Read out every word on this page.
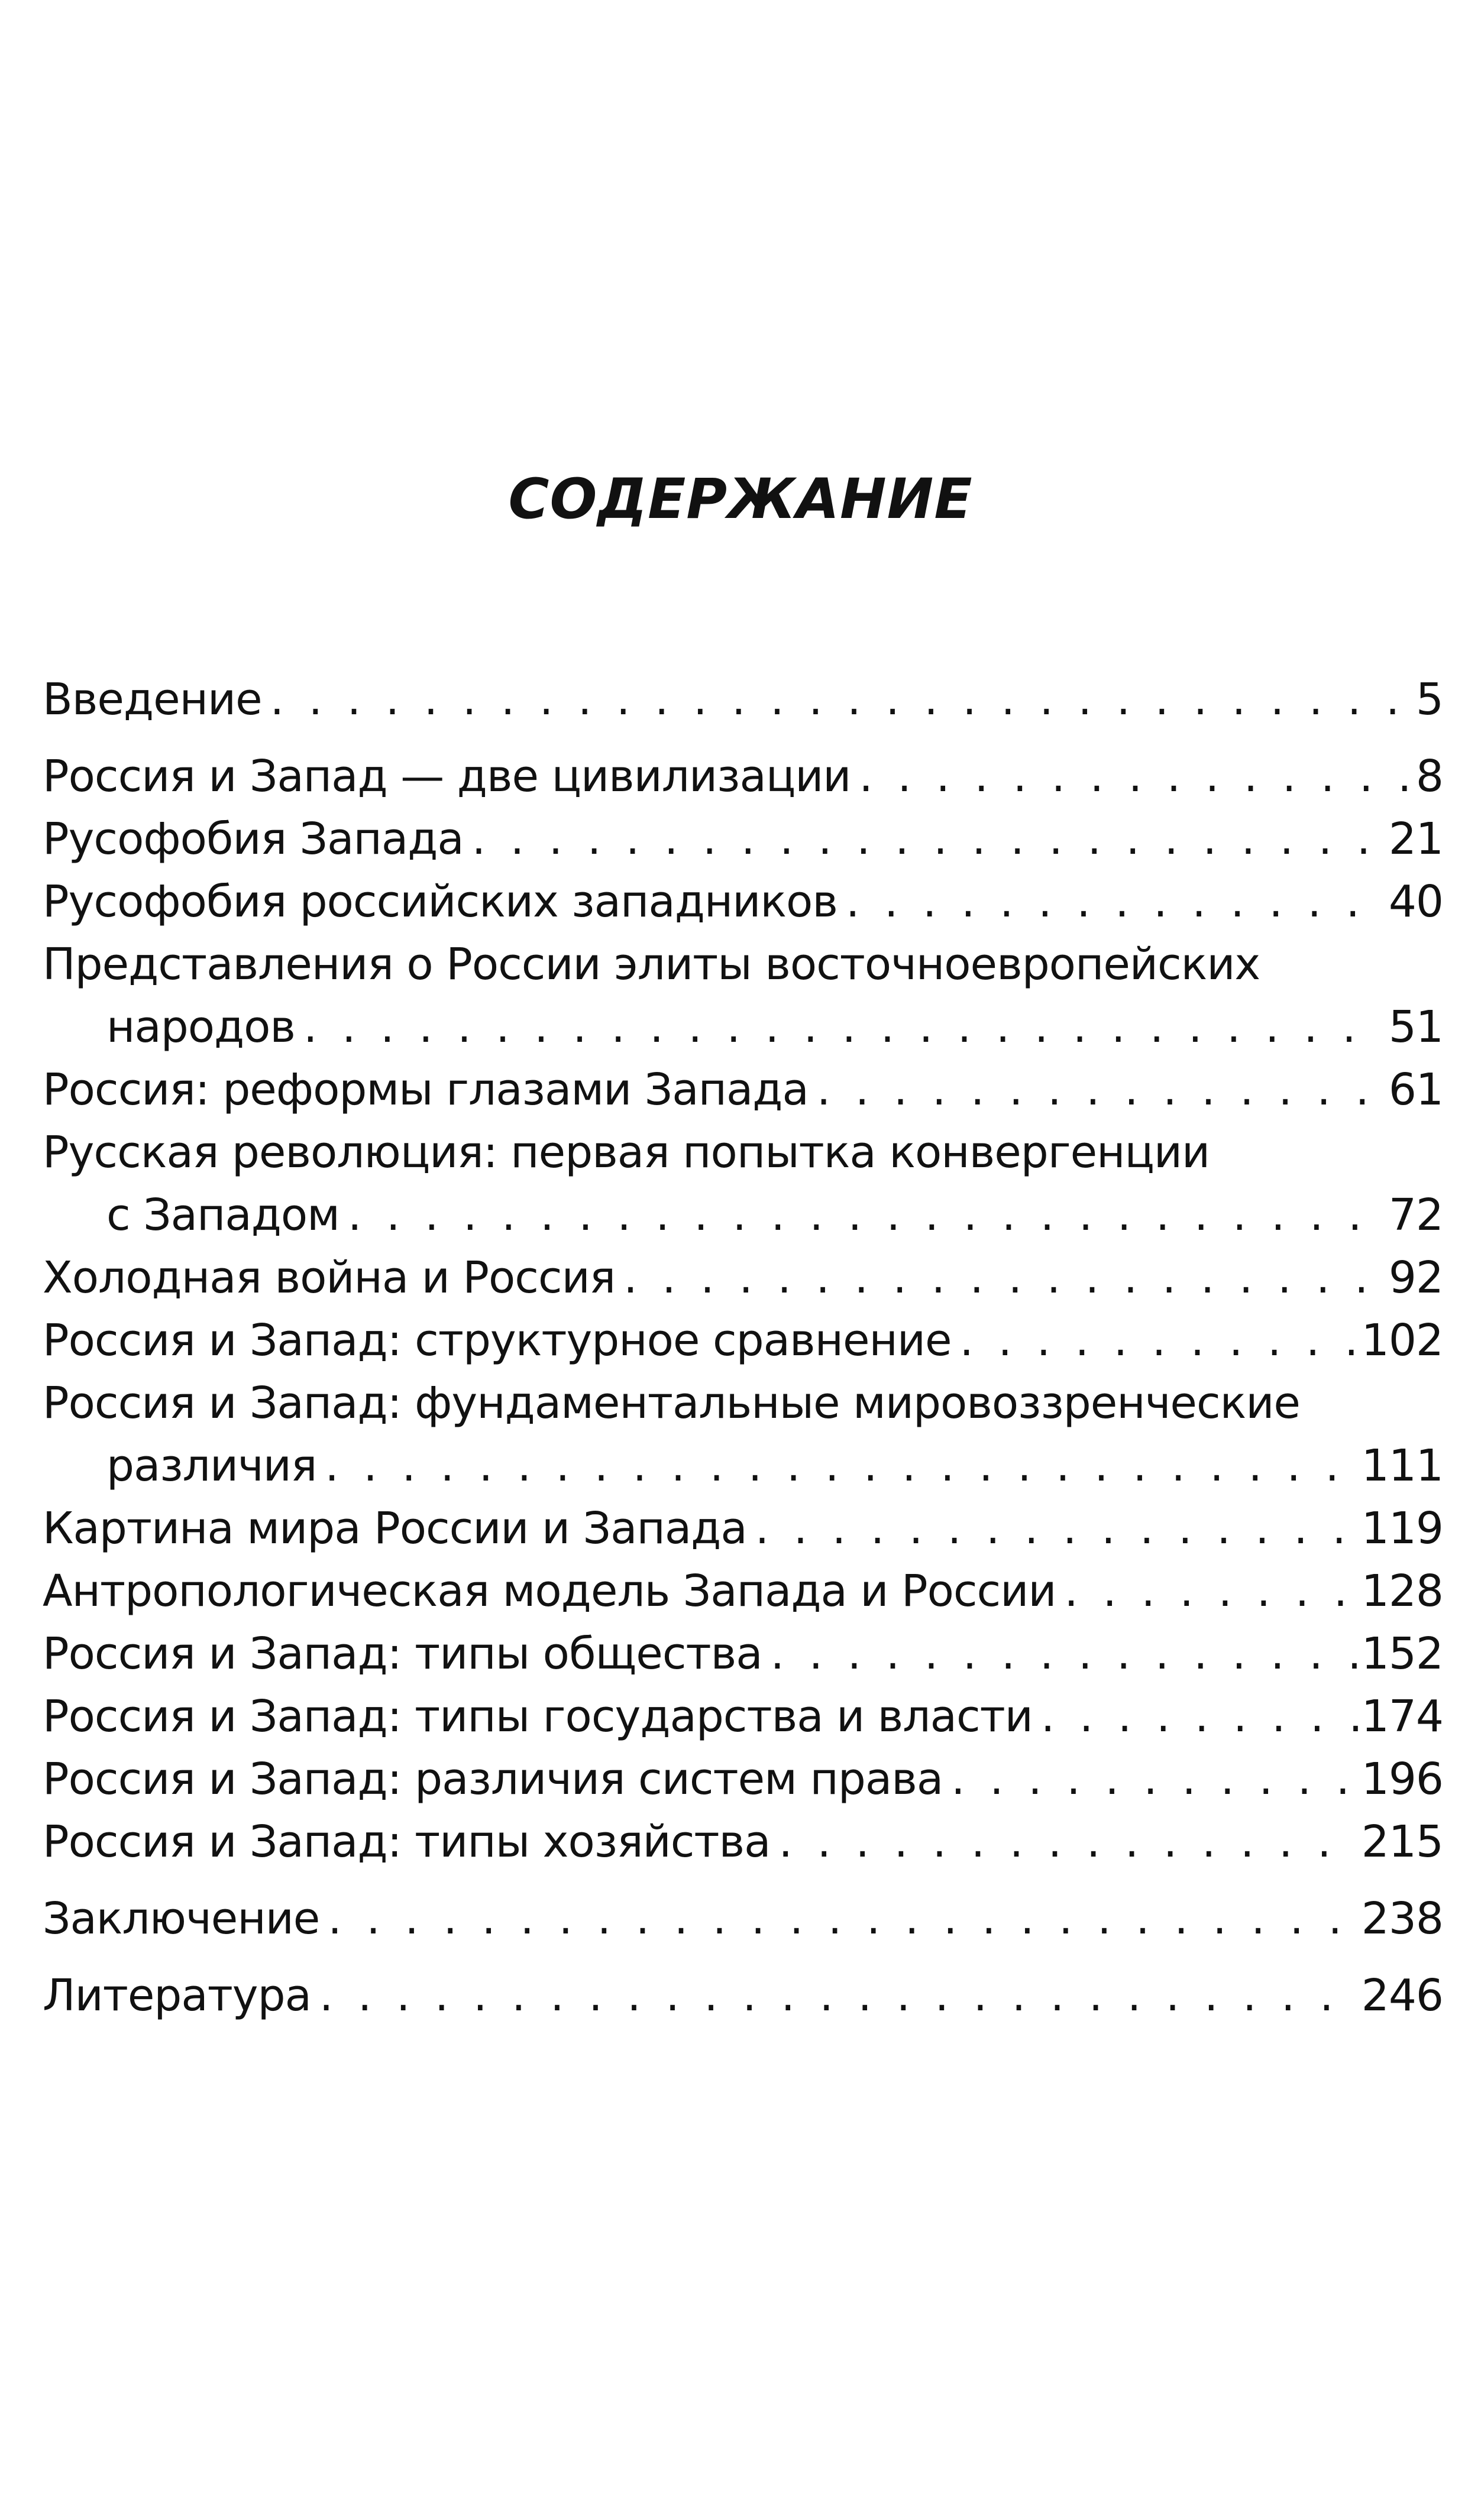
СОДЕРЖАНИЕ
Введение . . .	5
Россия и Запад — две цивилизации . . .	8
Русофобия Запада . . .	21
Русофобия российских западников . . .	40
Представления о России элиты восточноевропейских
народов . . .	51
Россия: реформы глазами Запада . . .	61
Русская революция: первая попытка конвергенции
с Западом . . .	72
Холодная война и Россия . . .	92
Россия и Запад: структурное сравнение . . .	102
Россия и Запад: фундаментальные мировоззренческие
различия . . .	111
Картина мира России и Запада . . .	119
Антропологическая модель Запада и России . . .	128
Россия и Запад: типы общества . . .	152
Россия и Запад: типы государства и власти . . .	174
Россия и Запад: различия систем права . . .	196
Россия и Запад: типы хозяйства . . .	215
Заключение . . .	238
Литература . . .	246
